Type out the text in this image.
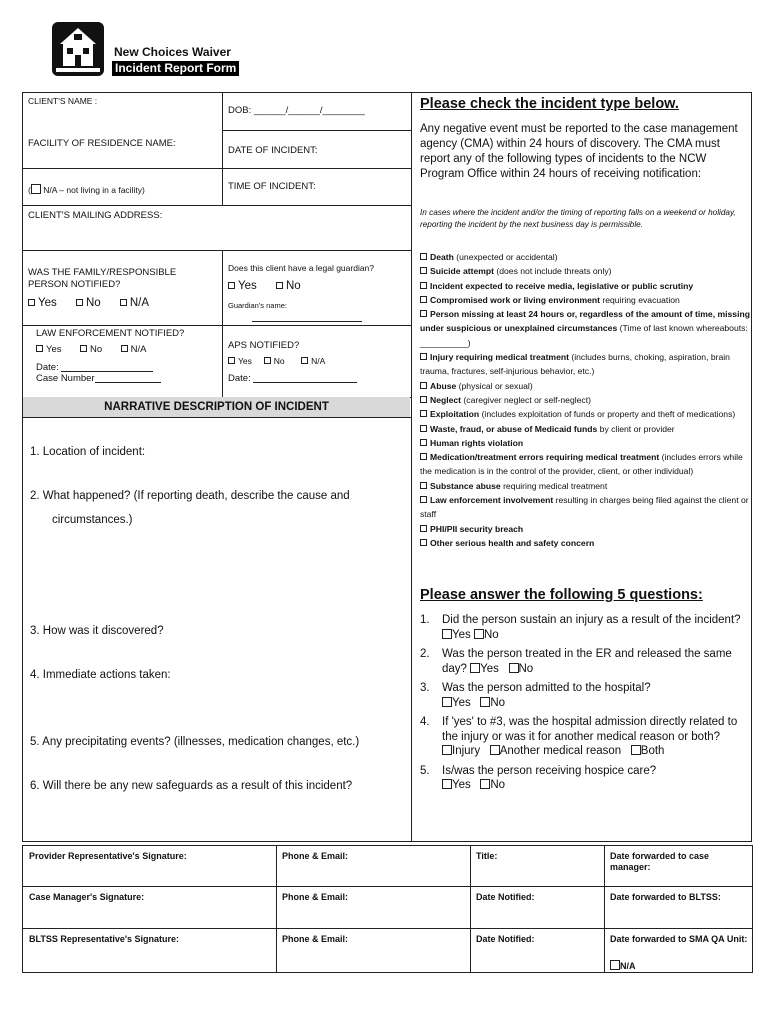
New Choices Waiver
Incident Report Form
CLIENT'S NAME :
DOB: ______/______/________
FACILITY OF RESIDENCE NAME:
DATE OF INCIDENT:
( N/A – not living in a facility)	TIME OF INCIDENT:
CLIENT'S MAILING ADDRESS:
WAS THE FAMILY/RESPONSIBLE PERSON NOTIFIED?
Yes	No	N/A
Does this client have a legal guardian?
Yes	No
Guardian's name:
LAW ENFORCEMENT NOTIFIED?
Yes	No	N/A
Date:
Case Number
APS NOTIFIED?
Yes	No	N/A
Date:
NARRATIVE DESCRIPTION OF INCIDENT
1. Location of incident:
2. What happened? (If reporting death, describe the cause and
circumstances.)
3. How was it discovered?
4. Immediate actions taken:
5. Any precipitating events? (illnesses, medication changes, etc.)
6. Will there be any new safeguards as a result of this incident?
Please check the incident type below.
Any negative event must be reported to the case management agency (CMA) within 24 hours of discovery. The CMA must report any of the following types of incidents to the NCW Program Office within 24 hours of receiving notification:
In cases where the incident and/or the timing of reporting falls on a weekend or holiday, reporting the incident by the next business day is permissible.
Death (unexpected or accidental)
Suicide attempt (does not include threats only)
Incident expected to receive media, legislative or public scrutiny
Compromised work or living environment requiring evacuation
Person missing at least 24 hours or, regardless of the amount of time, missing under suspicious or unexplained circumstances (Time of last known whereabouts: __________)
Injury requiring medical treatment (includes burns, choking, aspiration, brain trauma, fractures, self-injurious behavior, etc.)
Abuse (physical or sexual)
Neglect (caregiver neglect or self-neglect)
Exploitation (includes exploitation of funds or property and theft of medications)
Waste, fraud, or abuse of Medicaid funds by client or provider
Human rights violation
Medication/treatment errors requiring medical treatment (includes errors while the medication is in the control of the provider, client, or other individual)
Substance abuse requiring medical treatment
Law enforcement involvement resulting in charges being filed against the client or staff
PHI/PII security breach
Other serious health and safety concern
Please answer the following 5 questions:
1. Did the person sustain an injury as a result of the incident? Yes No
2. Was the person treated in the ER and released the same day? Yes No
3. Was the person admitted to the hospital?
Yes No
4. If 'yes' to #3, was the hospital admission directly related to the injury or was it for another medical reason or both?
Injury Another medical reason Both
5. Is/was the person receiving hospice care?
Yes No
Provider Representative's Signature:	Phone & Email:	Title:	Date forwarded to case manager:
Case Manager's Signature:	Phone & Email:	Date Notified:	Date forwarded to BLTSS:
BLTSS Representative's Signature:	Phone & Email:	Date Notified:	Date forwarded to SMA QA Unit:
N/A
